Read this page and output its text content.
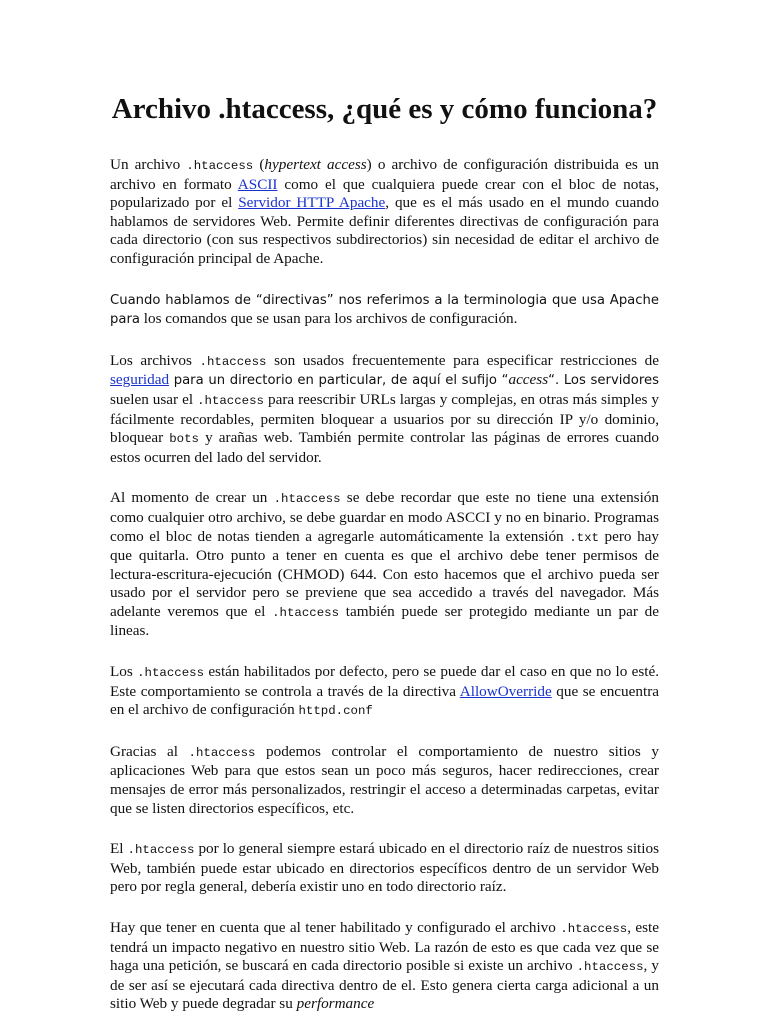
Archivo .htaccess, ¿qué es y cómo funciona?

Un archivo .htaccess (hypertext access) o archivo de configuración distribuida es un archivo en formato ASCII como el que cualquiera puede crear con el bloc de notas, popularizado por el Servidor HTTP Apache, que es el más usado en el mundo cuando hablamos de servidores Web. Permite definir diferentes directivas de configuración para cada directorio (con sus respectivos subdirectorios) sin necesidad de editar el archivo de configuración principal de Apache.

Cuando hablamos de “directivas” nos referimos a la terminologia que usa Apache para los comandos que se usan para los archivos de configuración.

Los archivos .htaccess son usados frecuentemente para especificar restricciones de seguridad para un directorio en particular, de aquí el sufijo “access“. Los servidores suelen usar el .htaccess para reescribir URLs largas y complejas, en otras más simples y fácilmente recordables, permiten bloquear a usuarios por su dirección IP y/o dominio, bloquear bots y arañas web. También permite controlar las páginas de errores cuando estos ocurren del lado del servidor.

Al momento de crear un .htaccess se debe recordar que este no tiene una extensión como cualquier otro archivo, se debe guardar en modo ASCCI y no en binario. Programas como el bloc de notas tienden a agregarle automáticamente la extensión .txt pero hay que quitarla. Otro punto a tener en cuenta es que el archivo debe tener permisos de lectura-escritura-ejecución (CHMOD) 644. Con esto hacemos que el archivo pueda ser usado por el servidor pero se previene que sea accedido a través del navegador. Más adelante veremos que el .htaccess también puede ser protegido mediante un par de lineas.

Los .htaccess están habilitados por defecto, pero se puede dar el caso en que no lo esté. Este comportamiento se controla a través de la directiva AllowOverride que se encuentra en el archivo de configuración httpd.conf

Gracias al .htaccess podemos controlar el comportamiento de nuestro sitios y aplicaciones Web para que estos sean un poco más seguros, hacer redirecciones, crear mensajes de error más personalizados, restringir el acceso a determinadas carpetas, evitar que se listen directorios específicos, etc.

El .htaccess por lo general siempre estará ubicado en el directorio raíz de nuestros sitios Web, también puede estar ubicado en directorios específicos dentro de un servidor Web pero por regla general, debería existir uno en todo directorio raíz.

Hay que tener en cuenta que al tener habilitado y configurado el archivo .htaccess, este tendrá un impacto negativo en nuestro sitio Web. La razón de esto es que cada vez que se haga una petición, se buscará en cada directorio posible si existe un archivo .htaccess, y de ser así se ejecutará cada directiva dentro de el. Esto genera cierta carga adicional a un sitio Web y puede degradar su performance
